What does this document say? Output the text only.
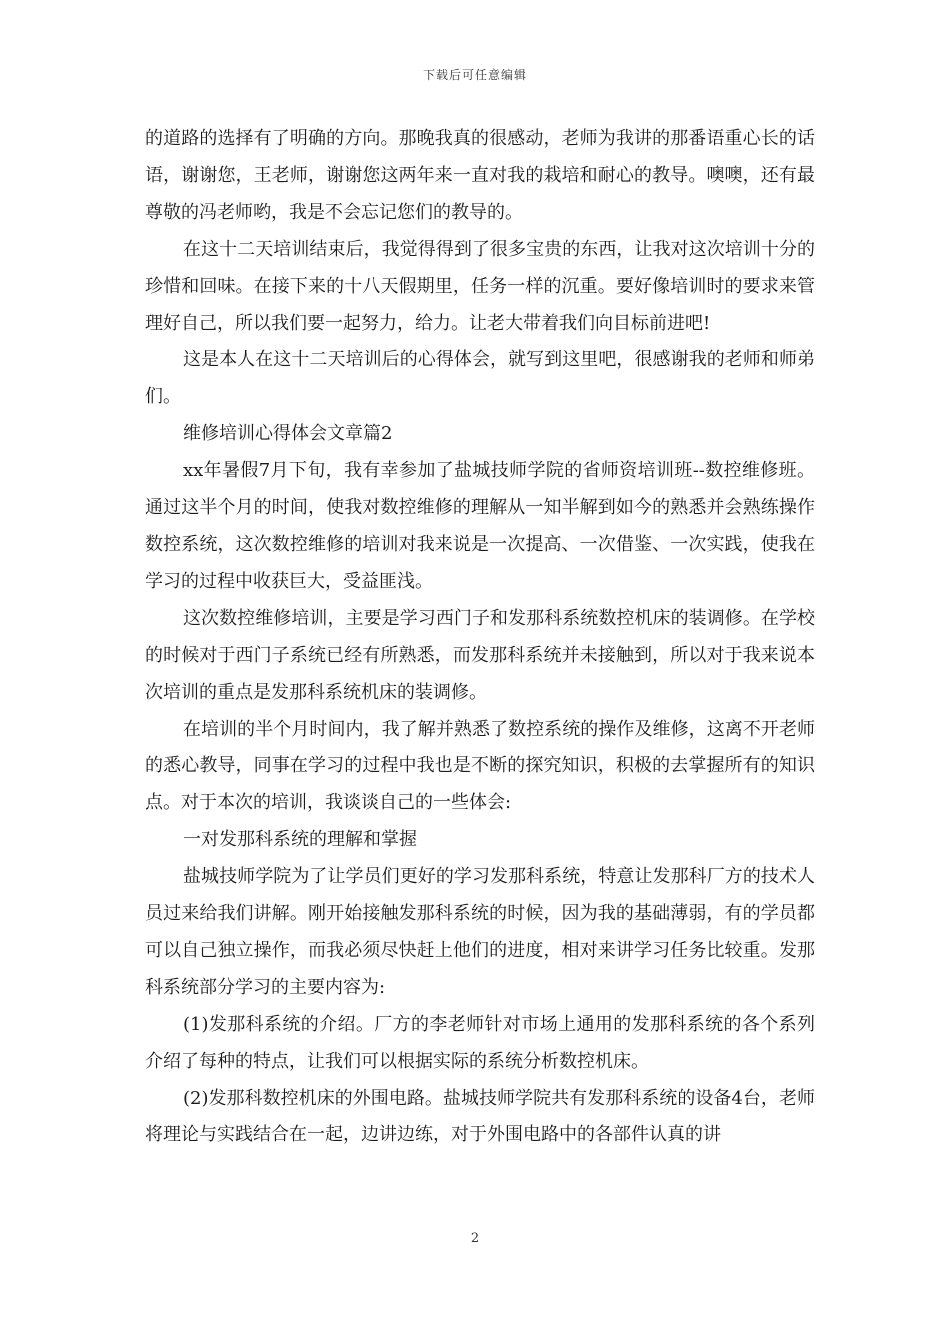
下载后可任意编辑

的道路的选择有了明确的方向。那晚我真的很感动，老师为我讲的那番语重心长的话语，谢谢您，王老师，谢谢您这两年来一直对我的栽培和耐心的教导。噢噢，还有最尊敬的冯老师哟，我是不会忘记您们的教导的。

在这十二天培训结束后，我觉得得到了很多宝贵的东西，让我对这次培训十分的珍惜和回味。在接下来的十八天假期里，任务一样的沉重。要好像培训时的要求来管理好自己，所以我们要一起努力，给力。让老大带着我们向目标前进吧!

这是本人在这十二天培训后的心得体会，就写到这里吧，很感谢我的老师和师弟们。

维修培训心得体会文章篇2

xx年暑假7月下旬，我有幸参加了盐城技师学院的省师资培训班--数控维修班。通过这半个月的时间，使我对数控维修的理解从一知半解到如今的熟悉并会熟练操作数控系统，这次数控维修的培训对我来说是一次提高、一次借鉴、一次实践，使我在学习的过程中收获巨大，受益匪浅。

这次数控维修培训，主要是学习西门子和发那科系统数控机床的装调修。在学校的时候对于西门子系统已经有所熟悉，而发那科系统并未接触到，所以对于我来说本次培训的重点是发那科系统机床的装调修。

在培训的半个月时间内，我了解并熟悉了数控系统的操作及维修，这离不开老师的悉心教导，同事在学习的过程中我也是不断的探究知识，积极的去掌握所有的知识点。对于本次的培训，我谈谈自己的一些体会:

一对发那科系统的理解和掌握

盐城技师学院为了让学员们更好的学习发那科系统，特意让发那科厂方的技术人员过来给我们讲解。刚开始接触发那科系统的时候，因为我的基础薄弱，有的学员都可以自己独立操作，而我必须尽快赶上他们的进度，相对来讲学习任务比较重。发那科系统部分学习的主要内容为:

(1)发那科系统的介绍。厂方的李老师针对市场上通用的发那科系统的各个系列介绍了每种的特点，让我们可以根据实际的系统分析数控机床。

(2)发那科数控机床的外围电路。盐城技师学院共有发那科系统的设备4台，老师将理论与实践结合在一起，边讲边练，对于外围电路中的各部件认真的讲

2
